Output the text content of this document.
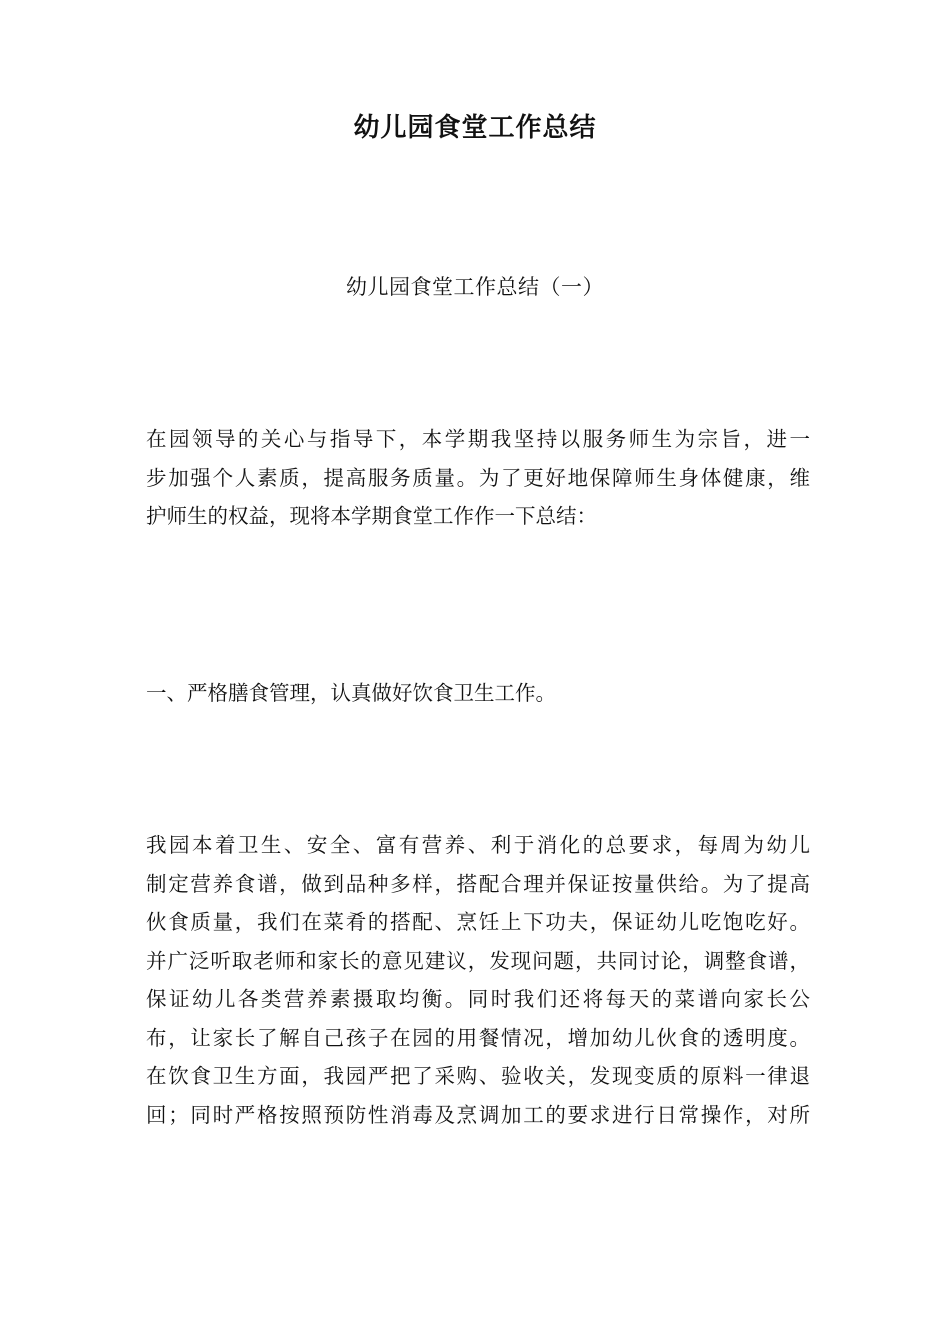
幼儿园食堂工作总结
幼儿园食堂工作总结（一）
在园领导的关心与指导下，本学期我坚持以服务师生为宗旨，进一
步加强个人素质，提高服务质量。为了更好地保障师生身体健康，维
护师生的权益，现将本学期食堂工作作一下总结：
一、严格膳食管理，认真做好饮食卫生工作。
我园本着卫生、安全、富有营养、利于消化的总要求，每周为幼儿
制定营养食谱，做到品种多样，搭配合理并保证按量供给。为了提高
伙食质量，我们在菜肴的搭配、烹饪上下功夫，保证幼儿吃饱吃好。
并广泛听取老师和家长的意见建议，发现问题，共同讨论，调整食谱，
保证幼儿各类营养素摄取均衡。同时我们还将每天的菜谱向家长公
布，让家长了解自己孩子在园的用餐情况，增加幼儿伙食的透明度。
在饮食卫生方面，我园严把了采购、验收关，发现变质的原料一律退
回；同时严格按照预防性消毒及烹调加工的要求进行日常操作，对所
